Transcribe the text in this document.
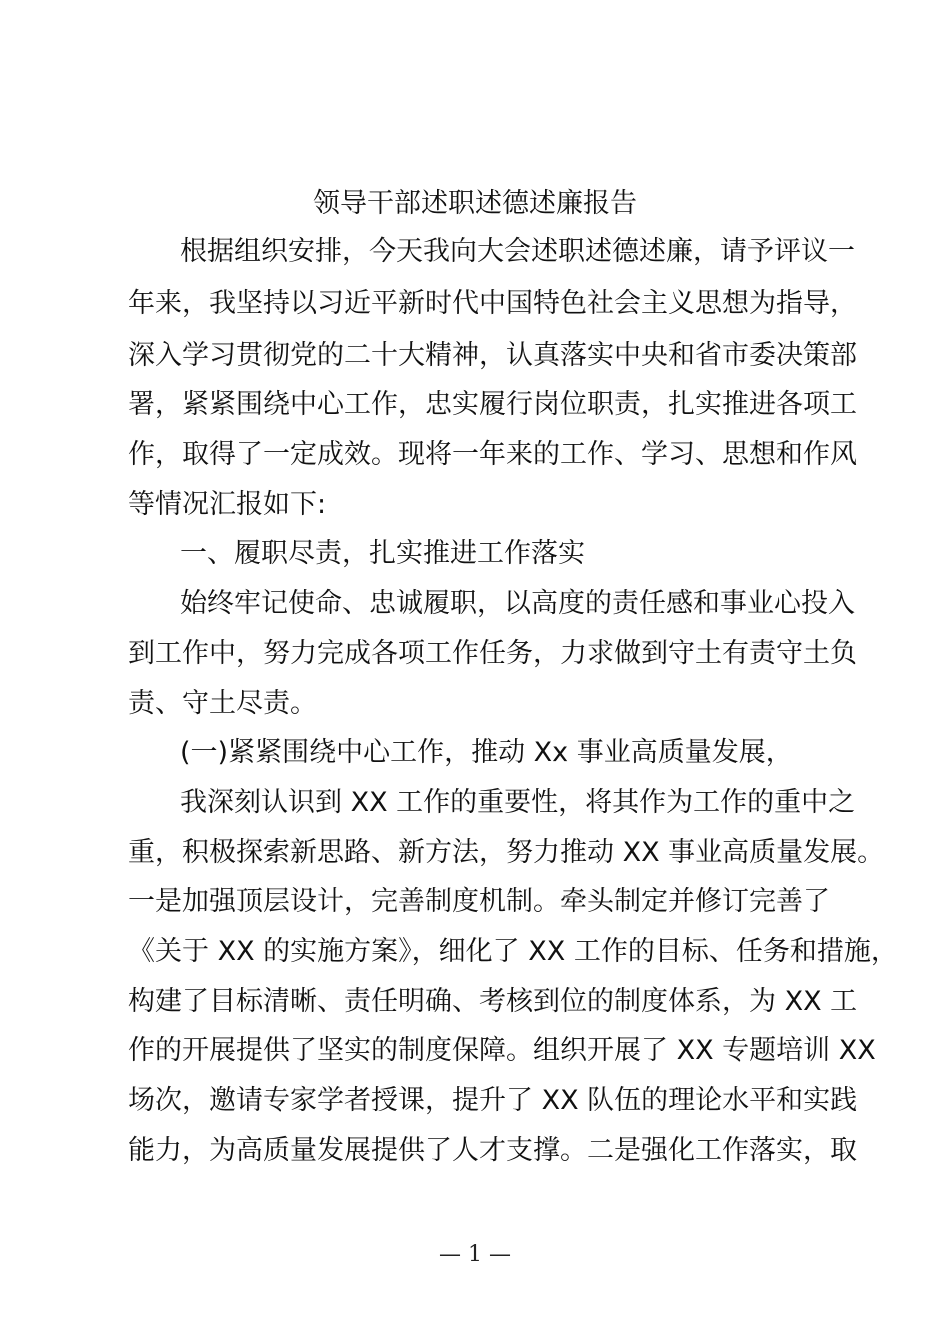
领导干部述职述德述廉报告

根据组织安排，今天我向大会述职述德述廉，请予评议一

年来，我坚持以习近平新时代中国特色社会主义思想为指导，

深入学习贯彻党的二十大精神，认真落实中央和省市委决策部

署，紧紧围绕中心工作，忠实履行岗位职责，扎实推进各项工

作，取得了一定成效。现将一年来的工作、学习、思想和作风

等情况汇报如下:

一、履职尽责，扎实推进工作落实

始终牢记使命、忠诚履职，以高度的责任感和事业心投入

到工作中，努力完成各项工作任务，力求做到守土有责守土负

责、守土尽责。

(一)紧紧围绕中心工作，推动 Xx 事业高质量发展，

我深刻认识到 XX 工作的重要性，将其作为工作的重中之

重，积极探索新思路、新方法，努力推动 XX 事业高质量发展。

一是加强顶层设计，完善制度机制。牵头制定并修订完善了

《关于 XX 的实施方案》，细化了 XX 工作的目标、任务和措施，

构建了目标清晰、责任明确、考核到位的制度体系，为 XX 工

作的开展提供了坚实的制度保障。组织开展了 XX 专题培训 XX

场次，邀请专家学者授课，提升了 XX 队伍的理论水平和实践

能力，为高质量发展提供了人才支撑。二是强化工作落实，取

— 1 —
